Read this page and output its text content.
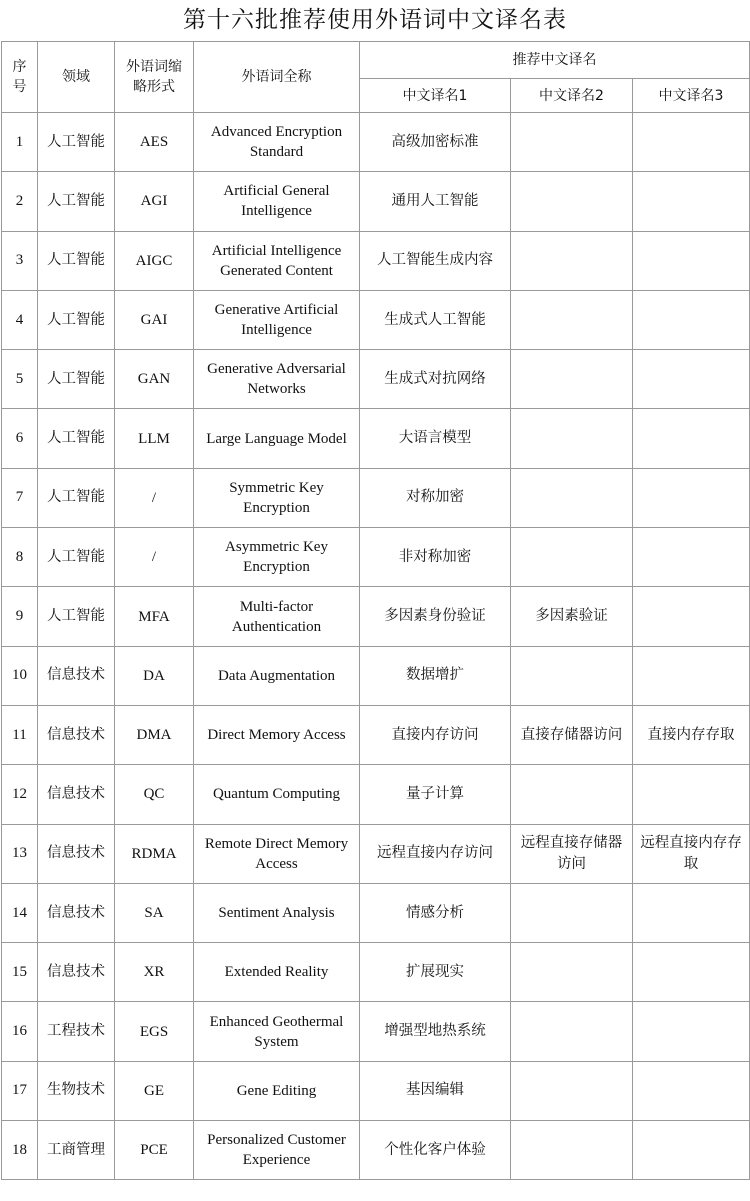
第十六批推荐使用外语词中文译名表
序号	领域	外语词缩略形式	外语词全称	推荐中文译名		
				中文译名1	中文译名2	中文译名3
1	人工智能	AES	Advanced Encryption Standard	高级加密标准		
2	人工智能	AGI	Artificial General Intelligence	通用人工智能		
3	人工智能	AIGC	Artificial Intelligence Generated Content	人工智能生成内容		
4	人工智能	GAI	Generative Artificial Intelligence	生成式人工智能		
5	人工智能	GAN	Generative Adversarial Networks	生成式对抗网络		
6	人工智能	LLM	Large Language Model	大语言模型		
7	人工智能	/	Symmetric Key Encryption	对称加密		
8	人工智能	/	Asymmetric Key Encryption	非对称加密		
9	人工智能	MFA	Multi-factor Authentication	多因素身份验证	多因素验证	
10	信息技术	DA	Data Augmentation	数据增扩		
11	信息技术	DMA	Direct Memory Access	直接内存访问	直接存储器访问	直接内存存取
12	信息技术	QC	Quantum Computing	量子计算		
13	信息技术	RDMA	Remote Direct Memory Access	远程直接内存访问	远程直接存储器访问	远程直接内存存取
14	信息技术	SA	Sentiment Analysis	情感分析		
15	信息技术	XR	Extended Reality	扩展现实		
16	工程技术	EGS	Enhanced Geothermal System	增强型地热系统		
17	生物技术	GE	Gene Editing	基因编辑		
18	工商管理	PCE	Personalized Customer Experience	个性化客户体验		
